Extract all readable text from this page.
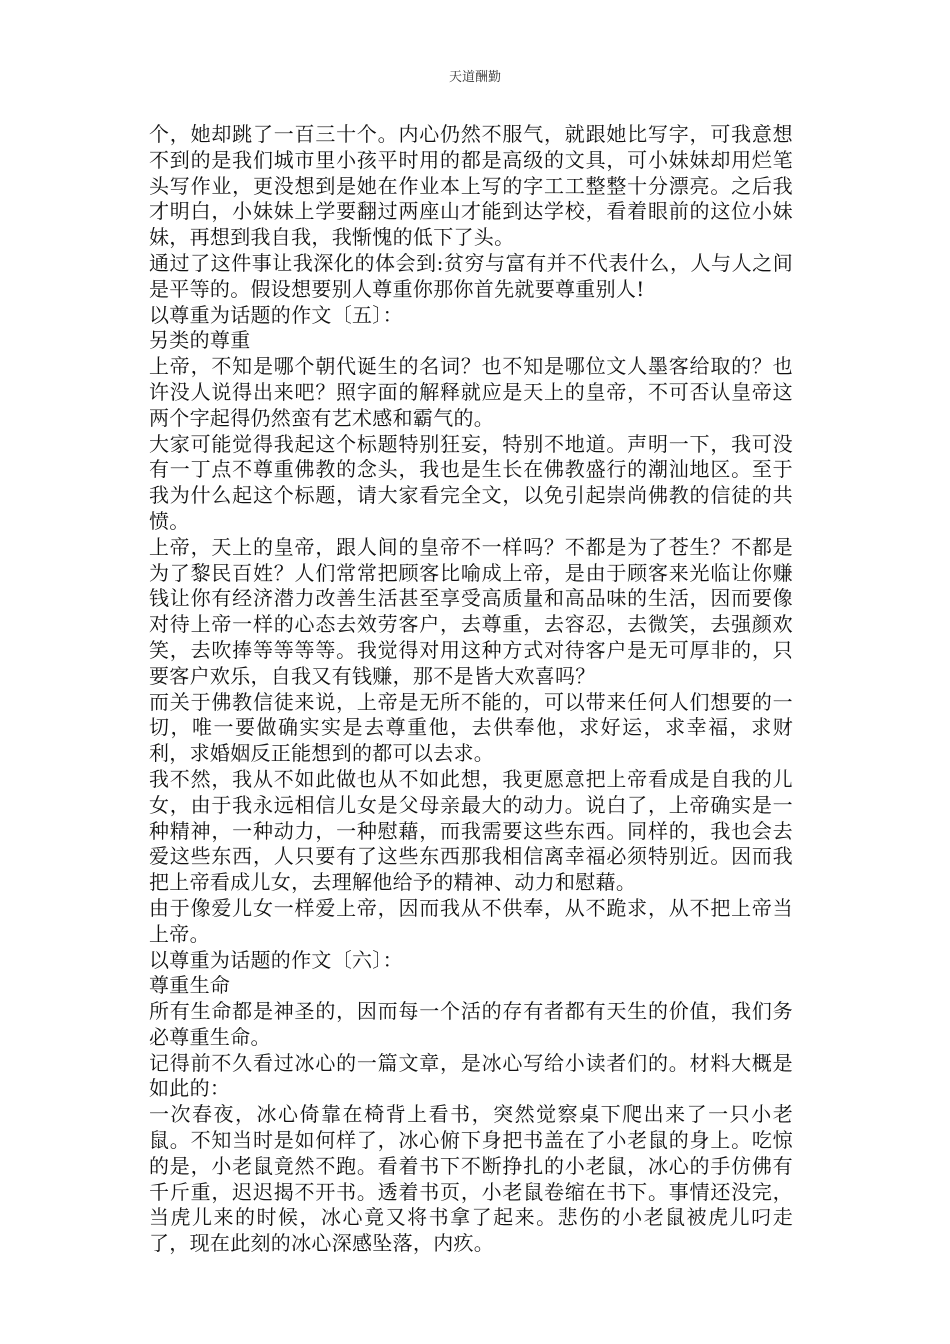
天道酬勤

个，她却跳了一百三十个。内心仍然不服气，就跟她比写字，可我意想不到的是我们城市里小孩平时用的都是高级的文具，可小妹妹却用烂笔头写作业，更没想到是她在作业本上写的字工工整整十分漂亮。之后我才明白，小妹妹上学要翻过两座山才能到达学校，看着眼前的这位小妹妹，再想到我自我，我惭愧的低下了头。

通过了这件事让我深化的体会到:贫穷与富有并不代表什么，人与人之间是平等的。假设想要别人尊重你那你首先就要尊重别人!

以尊重为话题的作文〔五〕：

另类的尊重

上帝，不知是哪个朝代诞生的名词？也不知是哪位文人墨客给取的？也许没人说得出来吧？照字面的解释就应是天上的皇帝，不可否认皇帝这两个字起得仍然蛮有艺术感和霸气的。

大家可能觉得我起这个标题特别狂妄，特别不地道。声明一下，我可没有一丁点不尊重佛教的念头，我也是生长在佛教盛行的潮汕地区。至于我为什么起这个标题，请大家看完全文，以免引起崇尚佛教的信徒的共愤。

上帝，天上的皇帝，跟人间的皇帝不一样吗？不都是为了苍生？不都是为了黎民百姓？人们常常把顾客比喻成上帝，是由于顾客来光临让你赚钱让你有经济潜力改善生活甚至享受高质量和高品味的生活，因而要像对待上帝一样的心态去效劳客户，去尊重，去容忍，去微笑，去强颜欢笑，去吹捧等等等等。我觉得对用这种方式对待客户是无可厚非的，只要客户欢乐，自我又有钱赚，那不是皆大欢喜吗？

而关于佛教信徒来说，上帝是无所不能的，可以带来任何人们想要的一切，唯一要做确实实是去尊重他，去供奉他，求好运，求幸福，求财利，求婚姻反正能想到的都可以去求。

我不然，我从不如此做也从不如此想，我更愿意把上帝看成是自我的儿女，由于我永远相信儿女是父母亲最大的动力。说白了，上帝确实是一种精神，一种动力，一种慰藉，而我需要这些东西。同样的，我也会去爱这些东西，人只要有了这些东西那我相信离幸福必须特别近。因而我把上帝看成儿女，去理解他给予的精神、动力和慰藉。

由于像爱儿女一样爱上帝，因而我从不供奉，从不跪求，从不把上帝当上帝。

以尊重为话题的作文〔六〕：

尊重生命

所有生命都是神圣的，因而每一个活的存有者都有天生的价值，我们务必尊重生命。

记得前不久看过冰心的一篇文章，是冰心写给小读者们的。材料大概是如此的：

一次春夜，冰心倚靠在椅背上看书，突然觉察桌下爬出来了一只小老鼠。不知当时是如何样了，冰心俯下身把书盖在了小老鼠的身上。吃惊的是，小老鼠竟然不跑。看着书下不断挣扎的小老鼠，冰心的手仿佛有千斤重，迟迟揭不开书。透着书页，小老鼠卷缩在书下。事情还没完，当虎儿来的时候，冰心竟又将书拿了起来。悲伤的小老鼠被虎儿叼走了，现在此刻的冰心深感坠落，内疚。
